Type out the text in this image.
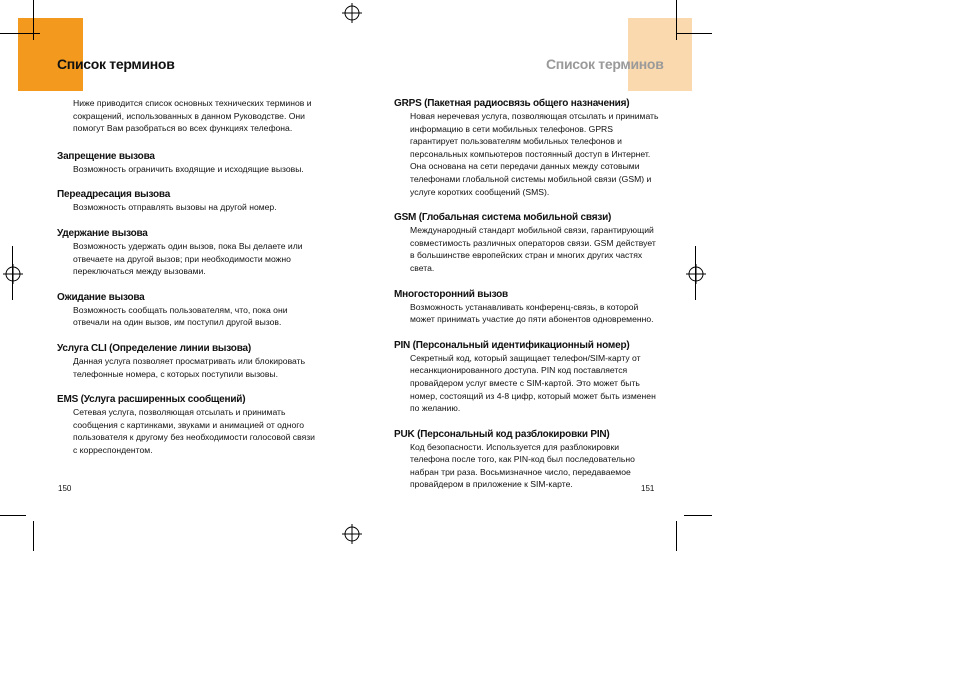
Список терминов	Список терминов
Ниже приводится список основных технических терминов и сокращений, использованных в данном Руководстве. Они помогут Вам разобраться во всех функциях телефона.
Запрещение вызова
Возможность ограничить входящие и исходящие вызовы.
Переадресация вызова
Возможность отправлять вызовы на другой номер.
Удержание вызова
Возможность удержать один вызов, пока Вы делаете или отвечаете на другой вызов; при необходимости можно переключаться между вызовами.
Ожидание вызова
Возможность сообщать пользователям, что, пока они отвечали на один вызов, им поступил другой вызов.
Услуга CLI (Определение линии вызова)
Данная услуга позволяет просматривать или блокировать телефонные номера, с которых поступили вызовы.
EMS (Услуга расширенных сообщений)
Сетевая услуга, позволяющая отсылать и принимать сообщения с картинками, звуками и анимацией от одного пользователя к другому без необходимости голосовой связи с корреспондентом.
GRPS (Пакетная радиосвязь общего назначения)
Новая неречевая услуга, позволяющая отсылать и принимать информацию в сети мобильных телефонов. GPRS гарантирует пользователям мобильных телефонов и персональных компьютеров постоянный доступ в Интернет. Она основана на сети передачи данных между сотовыми телефонами глобальной системы мобильной связи (GSM) и услуге коротких сообщений (SMS).
GSM (Глобальная система мобильной связи)
Международный стандарт мобильной связи, гарантирующий совместимость различных операторов связи. GSM действует в большинстве европейских стран и многих других частях света.
Многосторонний вызов
Возможность устанавливать конференц-связь, в которой может принимать участие до пяти абонентов одновременно.
PIN (Персональный идентификационный номер)
Секретный код, который защищает телефон/SIM-карту от несанкционированного доступа. PIN код поставляется провайдером услуг вместе с SIM-картой. Это может быть номер, состоящий из 4-8 цифр, который может быть изменен по желанию.
PUK (Персональный код разблокировки PIN)
Код безопасности. Используется для разблокировки телефона после того, как PIN-код был последовательно набран три раза. Восьмизначное число, передаваемое провайдером в приложение к SIM-карте.
150	151
